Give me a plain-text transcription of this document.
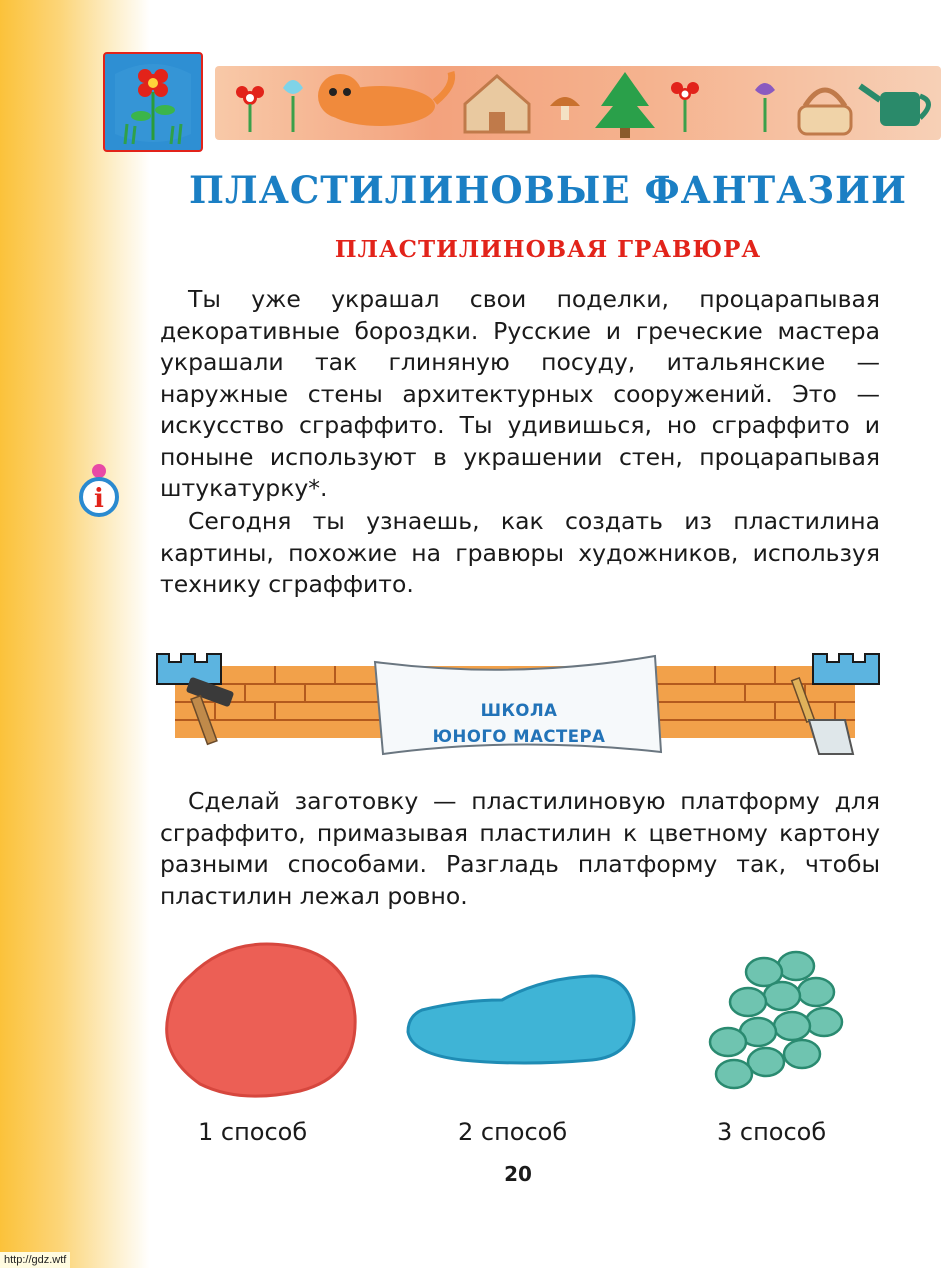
ПЛАСТИЛИНОВЫЕ ФАНТАЗИИ
ПЛАСТИЛИНОВАЯ ГРАВЮРА

Ты уже украшал свои поделки, процарапывая декоративные бороздки. Русские и греческие мастера украшали так глиняную посуду, итальянские — наружные стены архитектурных сооружений. Это — искусство сграффито. Ты удивишься, но сграффито и поныне используют в украшении стен, процарапывая штукатурку*.

i

Сегодня ты узнаешь, как создать из пластилина картины, похожие на гравюры художников, используя технику сграффито.

ШКОЛА
ЮНОГО МАСТЕРА

Сделай заготовку — пластилиновую платформу для сграффито, примазывая пластилин к цветному картону разными способами. Разгладь платформу так, чтобы пластилин лежал ровно.

1 способ	2 способ	3 способ
20
http://gdz.wtf
